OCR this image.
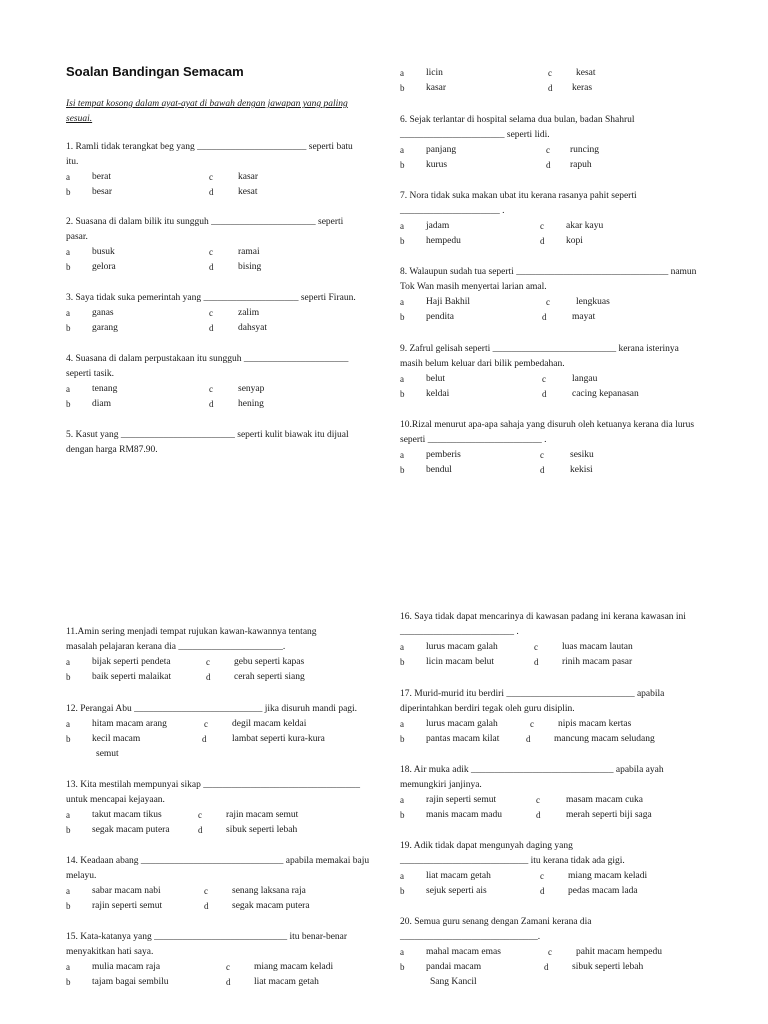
Soalan Bandingan Semacam
Isi tempat kosong dalam ayat-ayat di bawah dengan jawapan yang paling sesuai.

1. Ramli tidak terangkat beg yang _______________________ seperti batu itu.

a berat	c	kasar
b besar	d	kesat

2. Suasana di dalam bilik itu sungguh ______________________ seperti pasar.

a busuk	c	ramai
b gelora	d	bising

3. Saya tidak suka pemerintah yang ____________________ seperti Firaun.

a ganas	c	zalim
b garang	d	dahsyat

4. Suasana di dalam perpustakaan itu sungguh ______________________ seperti tasik.

a tenang	c	senyap
b diam	d	hening

5. Kasut yang ________________________ seperti kulit biawak itu dijual dengan harga RM87.90.

a licin	c	kesat
b kasar	d keras

6. Sejak terlantar di hospital selama dua bulan, badan Shahrul ______________________ seperti lidi.

a panjang	c runcing
b kurus	d rapuh

7. Nora tidak suka makan ubat itu kerana rasanya pahit seperti _____________________ .

a jadam	c akar kayu
b hempedu	d kopi

8. Walaupun sudah tua seperti ________________________________ namun Tok Wan masih menyertai larian amal.

a Haji Bakhil	c	lengkuas
b pendita	d	mayat

9. Zafrul gelisah seperti __________________________ kerana isterinya masih belum keluar dari bilik pembedahan.

a belut	c	langau
b keldai	d	cacing kepanasan

10.Rizal menurut apa-apa sahaja yang disuruh oleh ketuanya kerana dia lurus seperti ________________________ .

a pemberis	c	sesiku
b bendul	d	kekisi

11.Amin sering menjadi tempat rujukan kawan-kawannya tentang masalah pelajaran kerana dia ______________________.

a bijak seperti pendeta	c	gebu seperti kapas
b baik seperti malaikat	d cerah seperti siang

12. Perangai Abu ___________________________ jika disuruh mandi pagi.

a hitam macam arang	c	degil macam keldai
b kecil macam	d	lambat seperti kura-kura
semut

13. Kita mestilah mempunyai sikap _________________________________ untuk mencapai kejayaan.

a takut macam tikus	c	rajin macam semut
b segak macam putera	d sibuk seperti lebah

14. Keadaan abang ______________________________ apabila memakai baju melayu.

a sabar macam nabi	c	senang laksana raja
b rajin seperti semut	d segak macam putera

15. Kata-katanya yang ____________________________ itu benar-benar menyakitkan hati saya.

a mulia macam raja	c	miang macam keladi
b tajam bagai sembilu	d liat macam getah

16. Saya tidak dapat mencarinya di kawasan padang ini kerana kawasan ini ________________________ .

a lurus macam galah	c	luas macam lautan
b licin macam belut	d rinih macam pasar

17. Murid-murid itu berdiri ___________________________ apabila diperintahkan berdiri tegak oleh guru disiplin.

a lurus macam galah	c	nipis macam kertas
b pantas macam kilat	d mancung macam seludang

18. Air muka adik ______________________________ apabila ayah memungkiri janjinya.

a rajin seperti semut	c	masam macam cuka
b manis macam madu	d	merah seperti biji saga

19. Adik tidak dapat mengunyah daging yang ___________________________ itu kerana tidak ada gigi.

a liat macam getah	c	miang macam keladi
b sejuk seperti ais	d pedas macam lada

20. Semua guru senang dengan Zamani kerana dia _____________________________.

a mahal macam emas	c	pahit macam hempedu
b pandai macam	d sibuk seperti lebah
Sang Kancil
